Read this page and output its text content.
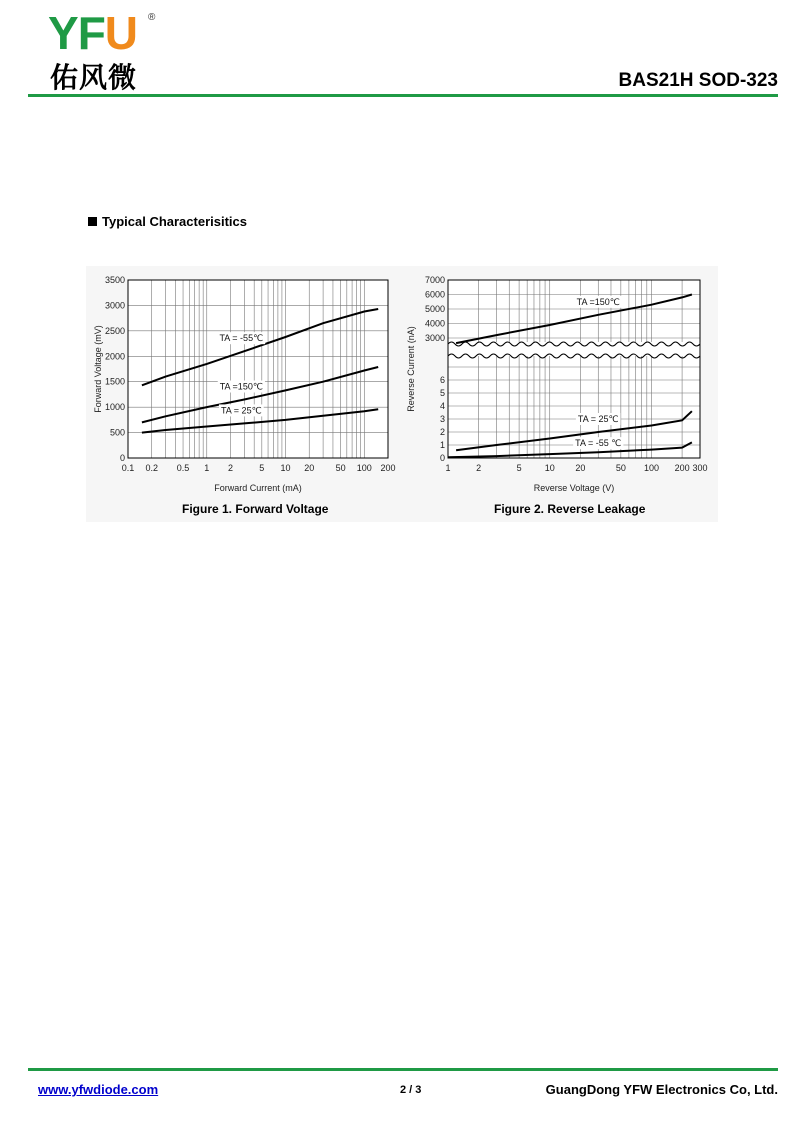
YFU ®
佑风微	BAS21H SOD-323
Typical Characterisitics
0.1 0.2 0.5 1 2	5 10 20 50 100 200
0
500
1000
1500
2000
2500
3000
3500
Forward Current (mA)
Forward Voltage (mV)	TA = -55℃
TA =150℃
TA = 25℃
1	2	5	10 20	50 100 200 300
7000
6000
5000
4000
3000
6
5
4
3
2
1
0
Reverse Voltage (V)
Reverse Current (nA)
TA =150℃
TA = 25℃
TA = -55 ℃
Figure 1. Forward Voltage	Figure 2. Reverse Leakage
www.yfwdiode.com	2 / 3	GuangDong YFW Electronics Co, Ltd.
